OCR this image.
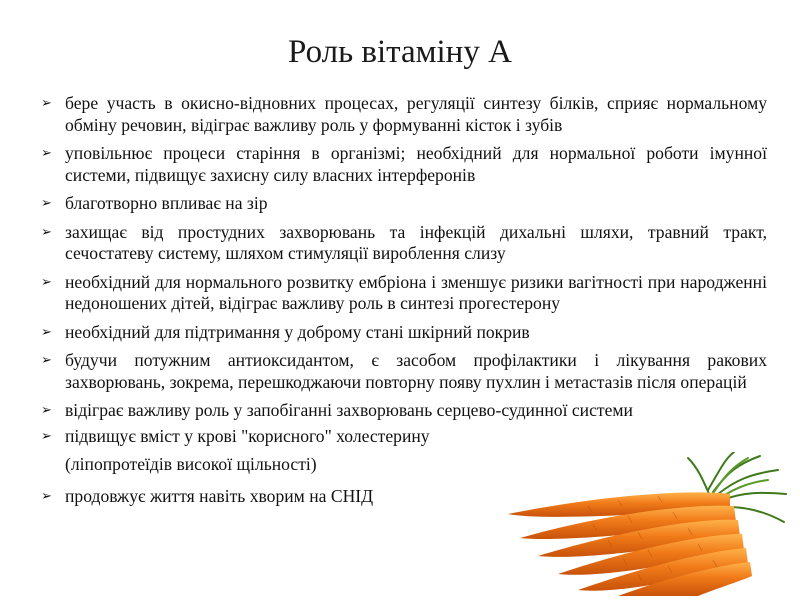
Роль вітаміну А
➢ бере участь в окисно-відновних процесах, регуляції синтезу білків, сприяє нормальному обміну речовин, відіграє важливу роль у формуванні кісток і зубів
➢ уповільнює процеси старіння в організмі; необхідний для нормальної роботи імунної системи, підвищує захисну силу власних інтерферонів
➢ благотворно впливає на зір
➢ захищає від простудних захворювань та інфекцій дихальні шляхи, травний тракт, сечостатеву систему, шляхом стимуляції вироблення слизу
➢ необхідний для нормального розвитку ембріона і зменшує ризики вагітності при народженні недоношених дітей, відіграє важливу роль в синтезі прогестерону
➢ необхідний для підтримання у доброму стані шкірний покрив
➢ будучи потужним антиоксидантом, є засобом профілактики і лікування ракових захворювань, зокрема, перешкоджаючи повторну появу пухлин і метастазів після операцій
➢ відіграє важливу роль у запобіганні захворювань серцево-судинної системи
➢ підвищує вміст у крові "корисного" холестерину
(ліпопротеїдів високої щільності)
➢ продовжує життя навіть хворим на СНІД
